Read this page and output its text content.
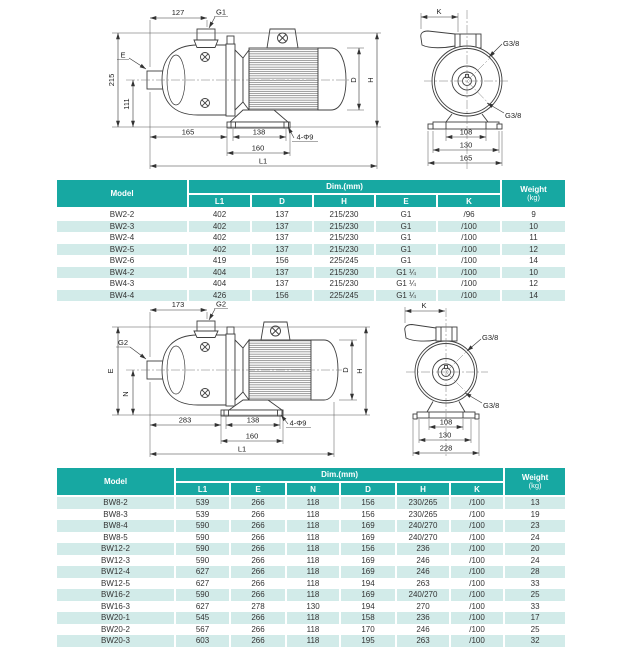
127	G1
E
215
111
165	138
160
L1
4-Φ9
D H
K
G3/8
G3/8
108
130
165
Model	Dim.(mm)					Weight
(kg)

	L1	D	H	E	K	
BW2-2	402	137	215/230	G1	/96	9
BW2-3	402	137	215/230	G1	/100	10
BW2-4	402	137	215/230	G1	/100	11
BW2-5	402	137	215/230	G1	/100	12
BW2-6	419	156	225/245	G1	/100	14
BW4-2	404	137	215/230	G1 ¼	/100	10
BW4-3	404	137	215/230	G1 ¼	/100	12
BW4-4	426	156	225/245	G1 ¼	/100	14
173	G2
G2
E
N
283	138
160
L1
4-Φ9
D H
K
G3/8
G3/8
108
130
228
Model	Dim.(mm)						Weight
(kg)

	L1	E	N	D	H	K	
BW8-2	539	266	118	156	230/265	/100	13
BW8-3	539	266	118	156	230/265	/100	19
BW8-4	590	266	118	169	240/270	/100	23
BW8-5	590	266	118	169	240/270	/100	24
BW12-2	590	266	118	156	236	/100	20
BW12-3	590	266	118	169	246	/100	24
BW12-4	627	266	118	169	246	/100	28
BW12-5	627	266	118	194	263	/100	33
BW16-2	590	266	118	169	240/270	/100	25
BW16-3	627	278	130	194	270	/100	33
BW20-1	545	266	118	158	236	/100	17
BW20-2	567	266	118	170	246	/100	25
BW20-3	603	266	118	195	263	/100	32
